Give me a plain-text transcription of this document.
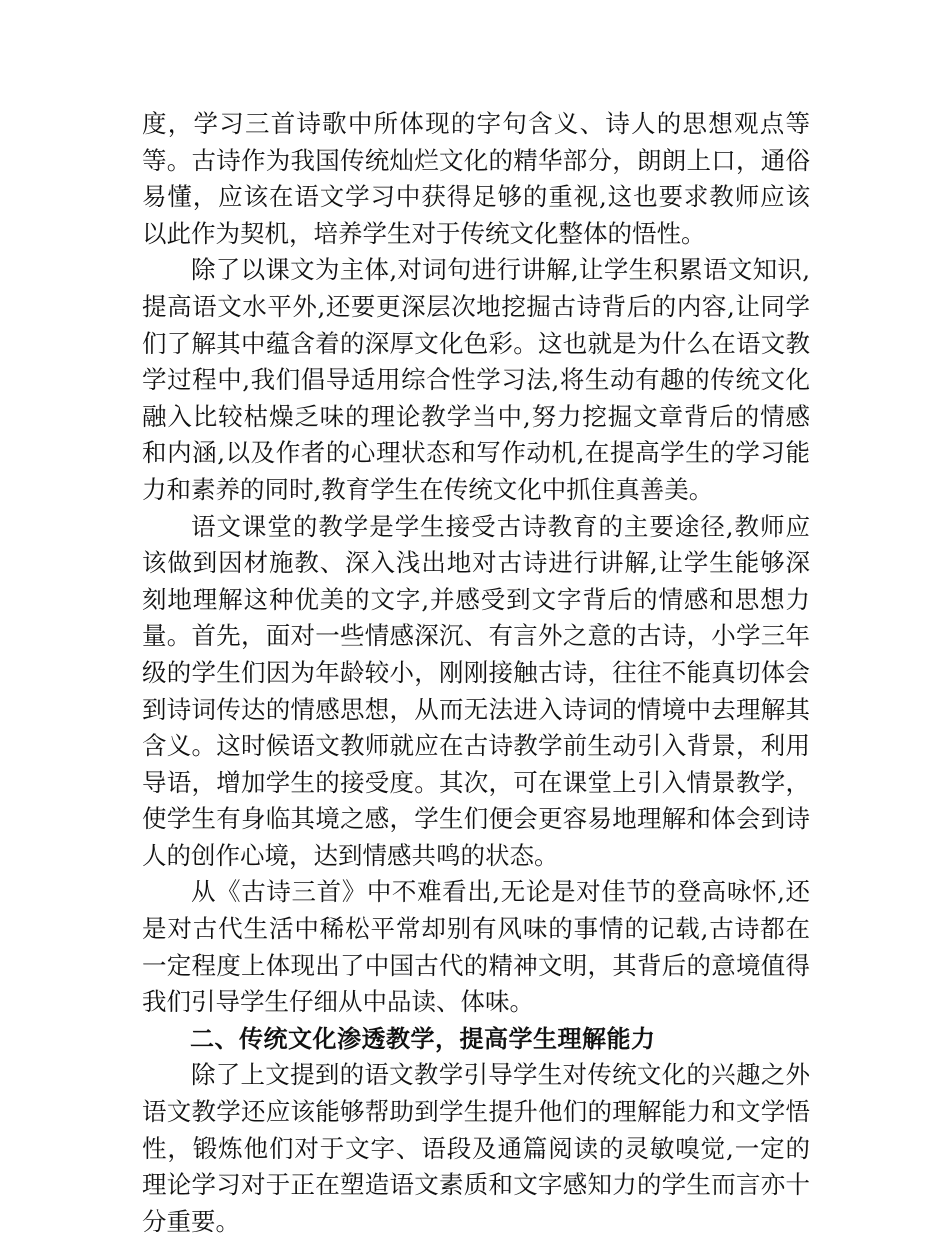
度，学习三首诗歌中所体现的字句含义、诗人的思想观点等等。古诗作为我国传统灿烂文化的精华部分，朗朗上口，通俗易懂，应该在语文学习中获得足够的重视,这也要求教师应该以此作为契机，培养学生对于传统文化整体的悟性。

除了以课文为主体,对词句进行讲解,让学生积累语文知识,提高语文水平外,还要更深层次地挖掘古诗背后的内容,让同学们了解其中蕴含着的深厚文化色彩。这也就是为什么在语文教学过程中,我们倡导适用综合性学习法,将生动有趣的传统文化融入比较枯燥乏味的理论教学当中,努力挖掘文章背后的情感和内涵,以及作者的心理状态和写作动机,在提高学生的学习能力和素养的同时,教育学生在传统文化中抓住真善美。

语文课堂的教学是学生接受古诗教育的主要途径,教师应该做到因材施教、深入浅出地对古诗进行讲解,让学生能够深刻地理解这种优美的文字,并感受到文字背后的情感和思想力量。首先，面对一些情感深沉、有言外之意的古诗，小学三年级的学生们因为年龄较小，刚刚接触古诗，往往不能真切体会到诗词传达的情感思想，从而无法进入诗词的情境中去理解其含义。这时候语文教师就应在古诗教学前生动引入背景，利用导语，增加学生的接受度。其次，可在课堂上引入情景教学，使学生有身临其境之感，学生们便会更容易地理解和体会到诗人的创作心境，达到情感共鸣的状态。

从《古诗三首》中不难看出,无论是对佳节的登高咏怀,还是对古代生活中稀松平常却别有风味的事情的记载,古诗都在一定程度上体现出了中国古代的精神文明，其背后的意境值得我们引导学生仔细从中品读、体味。

二、传统文化渗透教学，提高学生理解能力

除了上文提到的语文教学引导学生对传统文化的兴趣之外语文教学还应该能够帮助到学生提升他们的理解能力和文学悟性，锻炼他们对于文字、语段及通篇阅读的灵敏嗅觉,一定的理论学习对于正在塑造语文素质和文字感知力的学生而言亦十分重要。
